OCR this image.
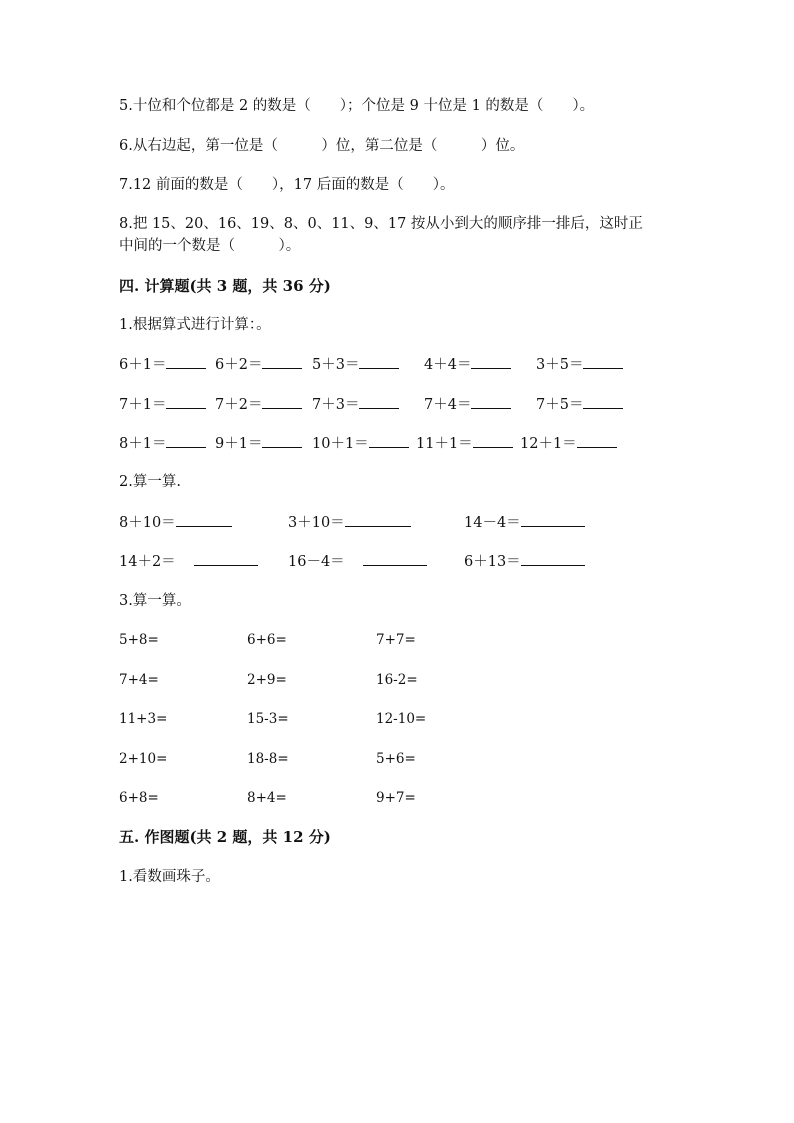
5.十位和个位都是 2 的数是（　　）；个位是 9 十位是 1 的数是（　　）。
6.从右边起，第一位是（　　　）位，第二位是（　　　）位。
7.12 前面的数是（　　），17 后面的数是（　　）。
8.把 15、20、16、19、8、0、11、9、17 按从小到大的顺序排一排后，这时正
中间的一个数是（　　　）。
四. 计算题(共 3 题，共 36 分)
1.根据算式进行计算：。
6＋1＝	6＋2＝	5＋3＝	4＋4＝	3＋5＝
7＋1＝	7＋2＝	7＋3＝	7＋4＝	7＋5＝
8＋1＝	9＋1＝	10＋1＝	11＋1＝	12＋1＝
2.算一算.
8＋10＝	3＋10＝	14－4＝
14＋2＝	16－4＝	6＋13＝
3.算一算。
5+8=	6+6=	7+7=
7+4=	2+9=	16-2=
11+3=	15-3=	12-10=
2+10=	18-8=	5+6=
6+8=	8+4=	9+7=
五. 作图题(共 2 题，共 12 分)
1.看数画珠子。
